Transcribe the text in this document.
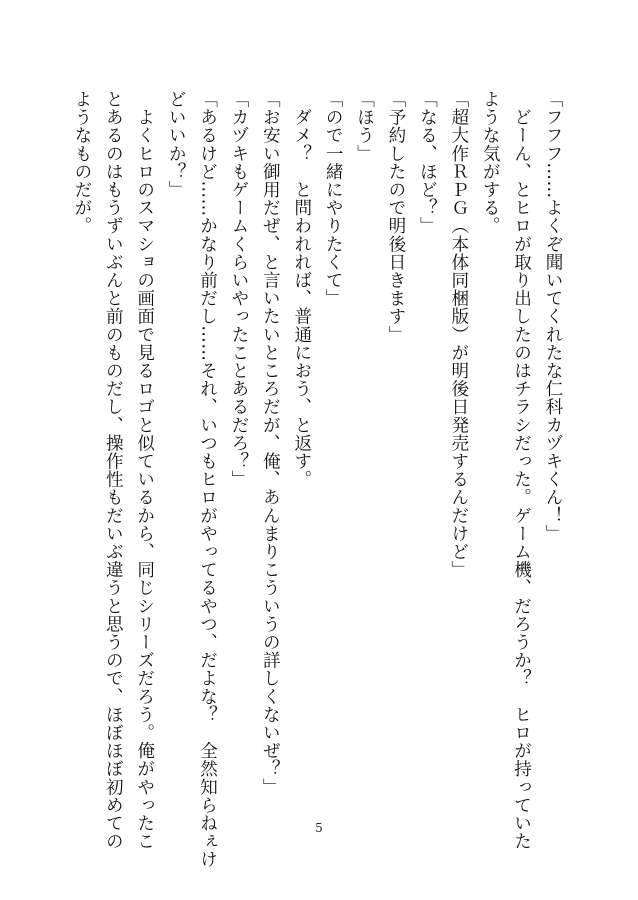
「フフフ……よくぞ聞いてくれたな仁科カヅキくん！」
　どーん、とヒロが取り出したのはチラシだった。ゲーム機、だろうか？　ヒロが持っていた
ような気がする。
「超大作ＲＰＧ（本体同梱版）が明後日発売するんだけど」
「なる、ほど？」
「予約したので明後日きます」
「ほう」
「ので一緒にやりたくて」
　ダメ？　と問われれば、普通におう、と返す。
「お安い御用だぜ、と言いたいところだが、俺、あんまりこういうの詳しくないぜ？」
「カヅキもゲームくらいやったことあるだろ？」
「あるけど……かなり前だし……それ、いつもヒロがやってるやつ、だよな？　全然知らねぇけ
どいいか？」
　よくヒロのスマショの画面で見るロゴと似ているから、同じシリーズだろう。俺がやったこ
とあるのはもうずいぶんと前のものだし、操作性もだいぶ違うと思うので、ほぼほぼ初めての
ようなものだが。
5
